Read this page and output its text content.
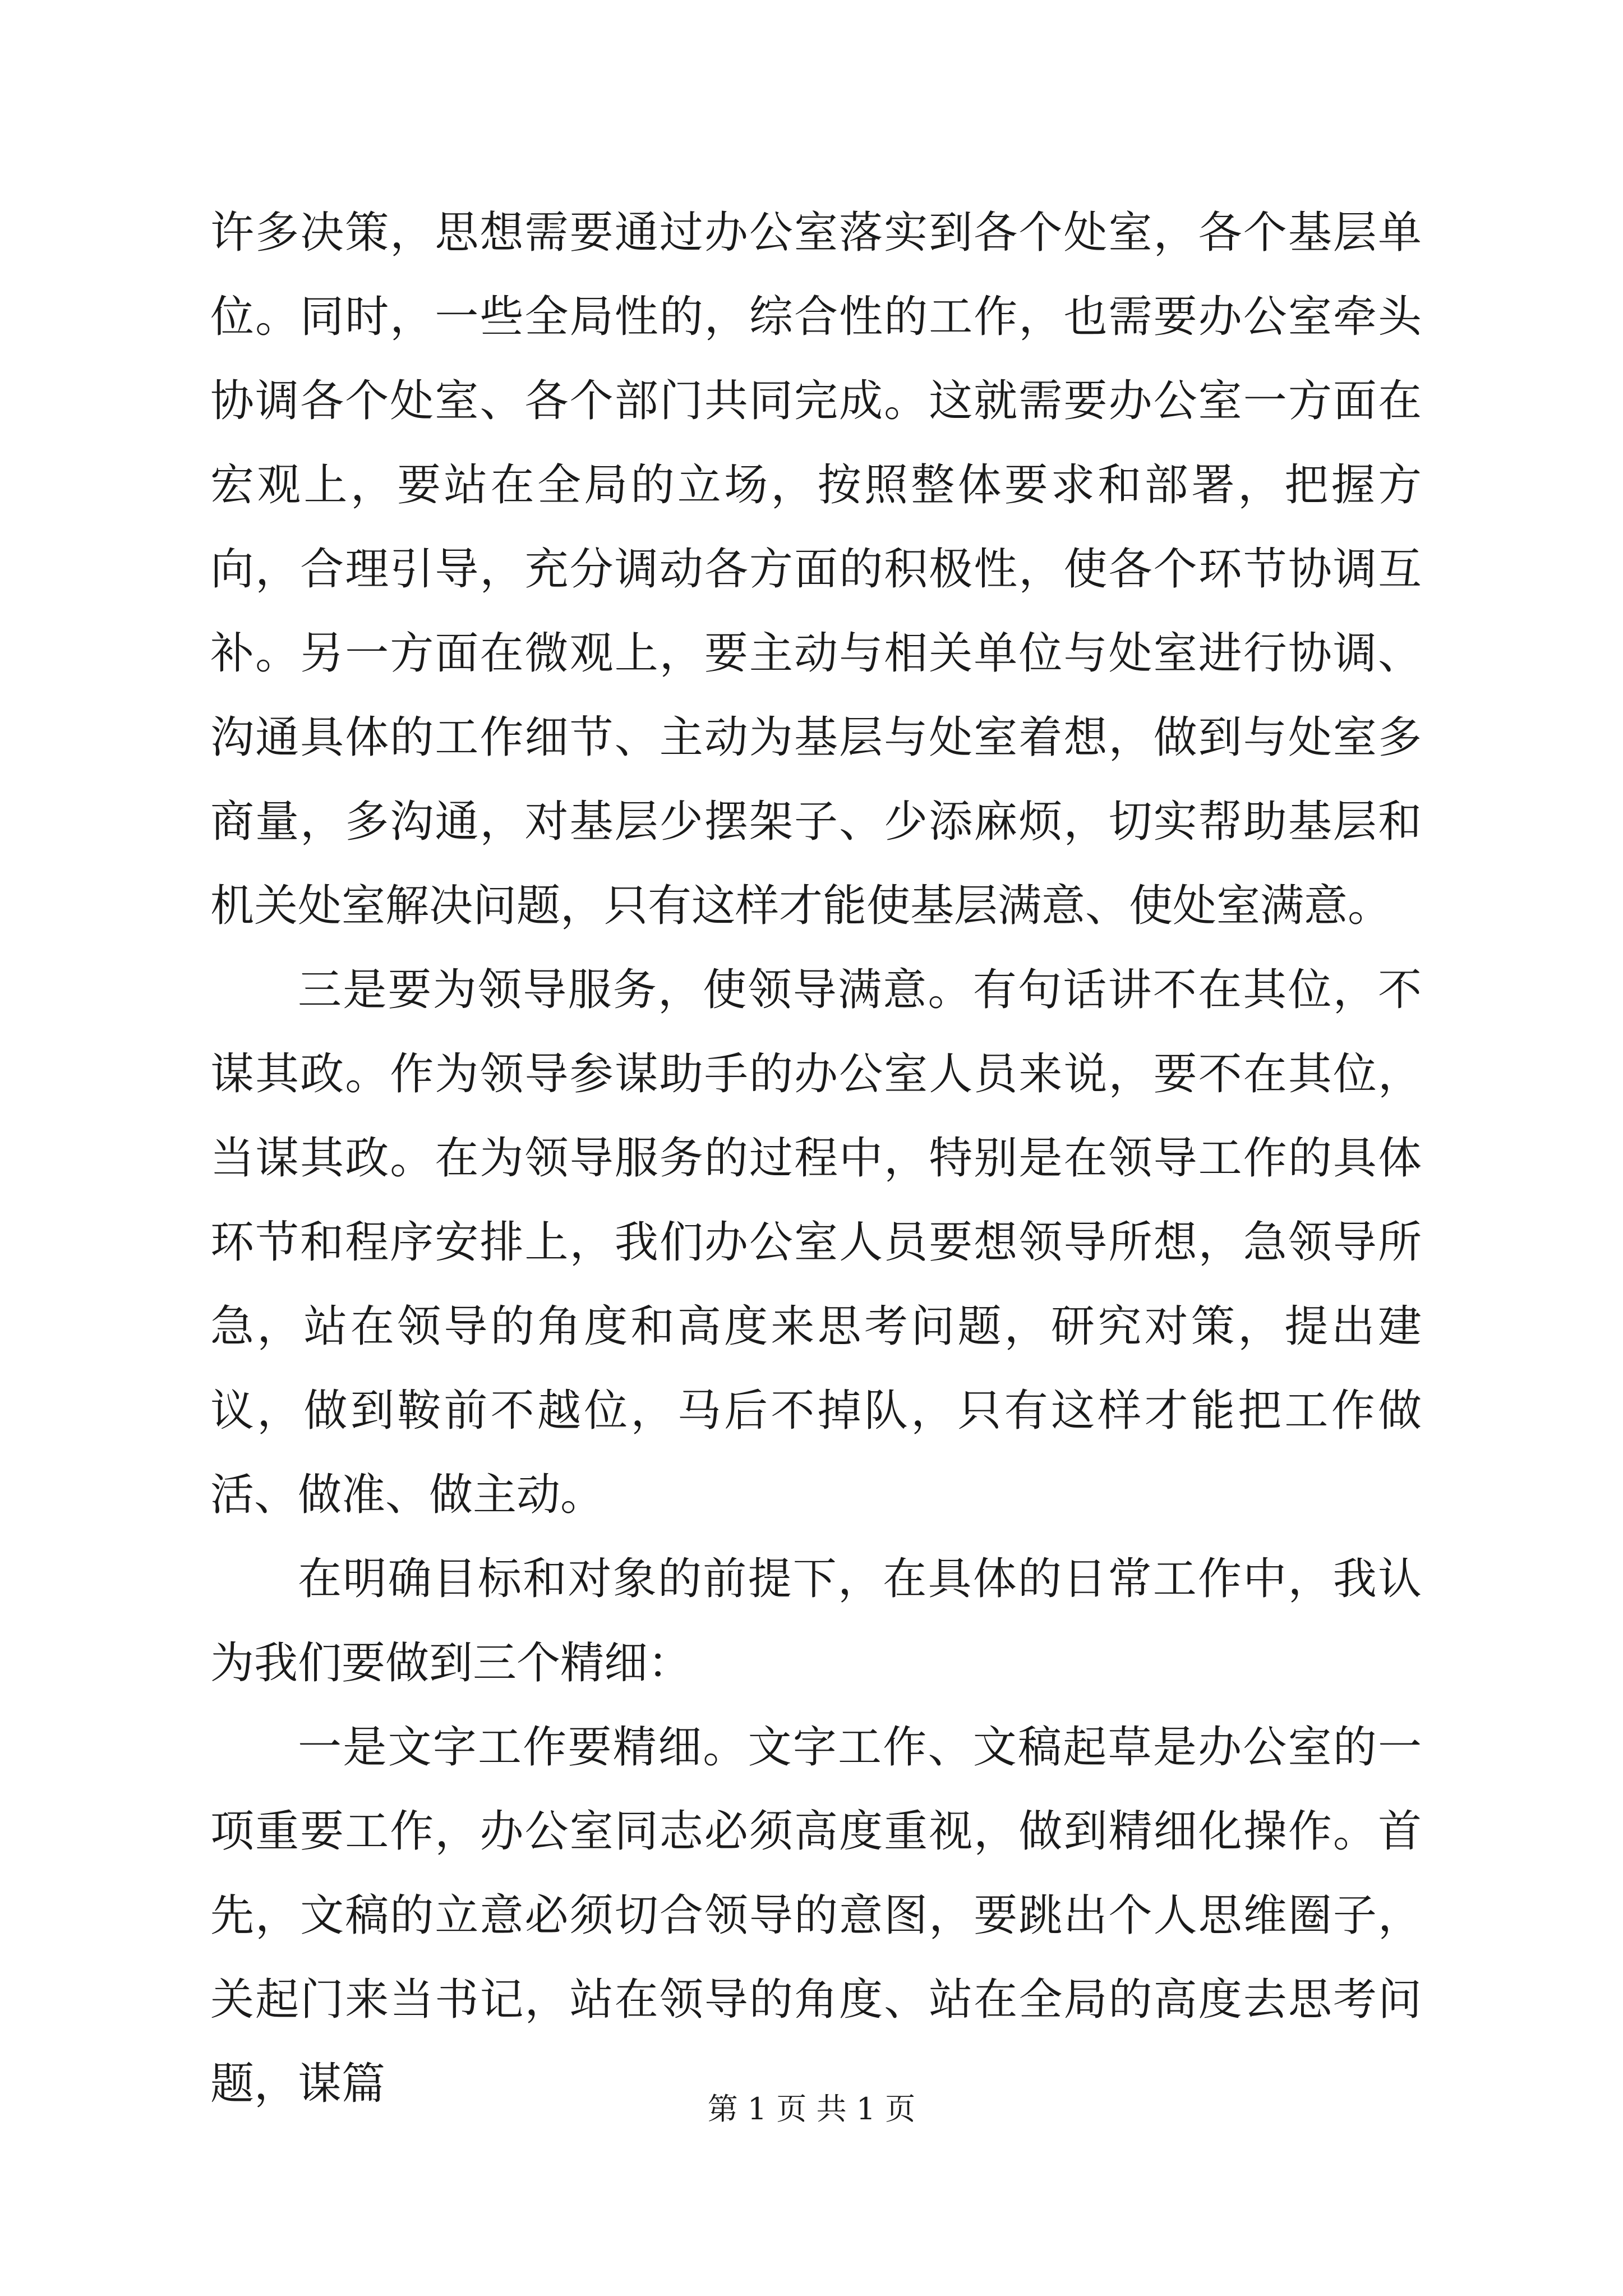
许多决策，思想需要通过办公室落实到各个处室，各个基层单位。同时，一些全局性的，综合性的工作，也需要办公室牵头协调各个处室、各个部门共同完成。这就需要办公室一方面在宏观上，要站在全局的立场，按照整体要求和部署，把握方向，合理引导，充分调动各方面的积极性，使各个环节协调互补。另一方面在微观上，要主动与相关单位与处室进行协调、沟通具体的工作细节、主动为基层与处室着想，做到与处室多商量，多沟通，对基层少摆架子、少添麻烦，切实帮助基层和机关处室解决问题，只有这样才能使基层满意、使处室满意。

三是要为领导服务，使领导满意。有句话讲不在其位，不谋其政。作为领导参谋助手的办公室人员来说，要不在其位，当谋其政。在为领导服务的过程中，特别是在领导工作的具体环节和程序安排上，我们办公室人员要想领导所想，急领导所急，站在领导的角度和高度来思考问题，研究对策，提出建议，做到鞍前不越位，马后不掉队，只有这样才能把工作做活、做准、做主动。

在明确目标和对象的前提下，在具体的日常工作中，我认为我们要做到三个精细：

一是文字工作要精细。文字工作、文稿起草是办公室的一项重要工作，办公室同志必须高度重视，做到精细化操作。首先，文稿的立意必须切合领导的意图，要跳出个人思维圈子，关起门来当书记，站在领导的角度、站在全局的高度去思考问题，谋篇	第 1 页 共 1 页
